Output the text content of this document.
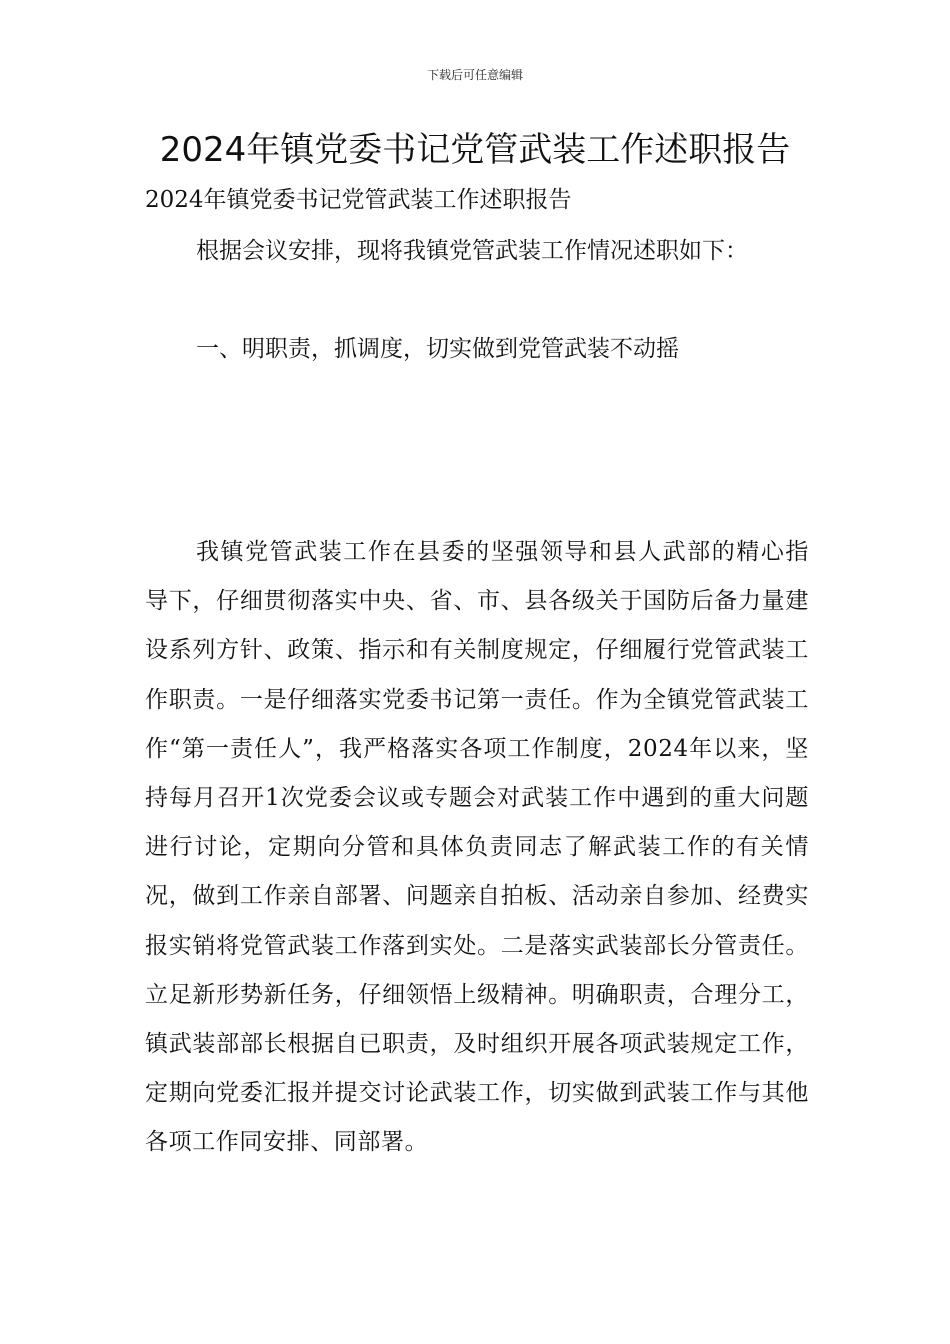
下载后可任意编辑
2024年镇党委书记党管武装工作述职报告
2024年镇党委书记党管武装工作述职报告
根据会议安排，现将我镇党管武装工作情况述职如下：
一、明职责，抓调度，切实做到党管武装不动摇

我镇党管武装工作在县委的坚强领导和县人武部的精心指导下，仔细贯彻落实中央、省、市、县各级关于国防后备力量建设系列方针、政策、指示和有关制度规定，仔细履行党管武装工作职责。一是仔细落实党委书记第一责任。作为全镇党管武装工作“第一责任人”，我严格落实各项工作制度，2024年以来，坚持每月召开1次党委会议或专题会对武装工作中遇到的重大问题进行讨论，定期向分管和具体负责同志了解武装工作的有关情况，做到工作亲自部署、问题亲自拍板、活动亲自参加、经费实报实销将党管武装工作落到实处。二是落实武装部长分管责任。立足新形势新任务，仔细领悟上级精神。明确职责，合理分工，镇武装部部长根据自已职责，及时组织开展各项武装规定工作，定期向党委汇报并提交讨论武装工作，切实做到武装工作与其他各项工作同安排、同部署。
